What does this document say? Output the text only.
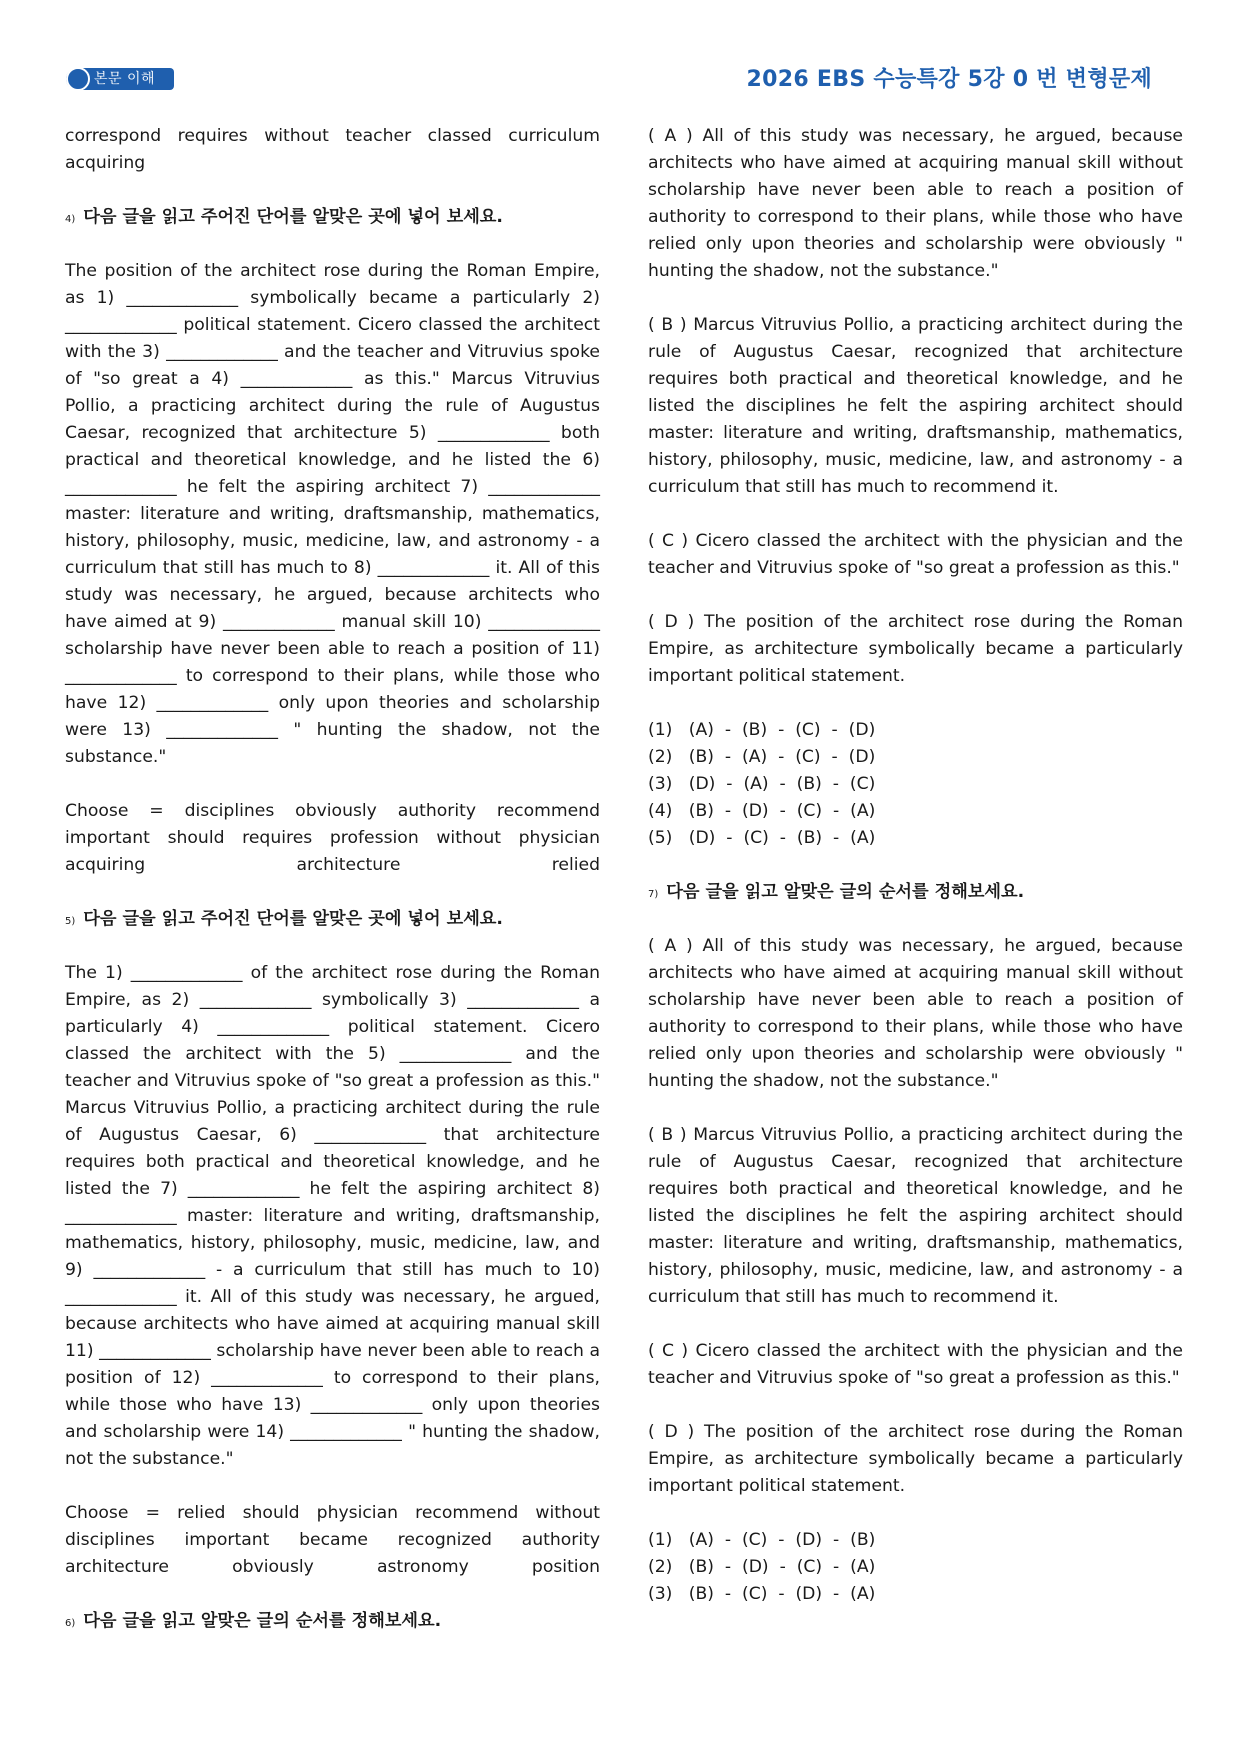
본문 이해	2026 EBS 수능특강 5강 0 번 변형문제

correspond requires without teacher classed curriculum acquiring

$^{4)}$ 다음 글을 읽고 주어진 단어를 알맞은 곳에 넣어 보세요.

The position of the architect rose during the Roman Empire, as 1) _____________ symbolically became a particularly 2) _____________ political statement. Cicero classed the architect with the 3) _____________ and the teacher and Vitruvius spoke of "so great a 4) _____________ as this." Marcus Vitruvius Pollio, a practicing architect during the rule of Augustus Caesar, recognized that architecture 5) _____________ both practical and theoretical knowledge, and he listed the 6) _____________ he felt the aspiring architect 7) _____________ master: literature and writing, draftsmanship, mathematics, history, philosophy, music, medicine, law, and astronomy - a curriculum that still has much to 8) _____________ it. All of this study was necessary, he argued, because architects who have aimed at 9) _____________ manual skill 10) _____________ scholarship have never been able to reach a position of 11) _____________ to correspond to their plans, while those who have 12) _____________ only upon theories and scholarship were 13) _____________ " hunting the shadow, not the substance."

Choose = disciplines obviously authority recommend important should requires profession without physician acquiring architecture relied

$^{5)}$ 다음 글을 읽고 주어진 단어를 알맞은 곳에 넣어 보세요.

The 1) _____________ of the architect rose during the Roman Empire, as 2) _____________ symbolically 3) _____________ a particularly 4) _____________ political statement. Cicero classed the architect with the 5) _____________ and the teacher and Vitruvius spoke of "so great a profession as this." Marcus Vitruvius Pollio, a practicing architect during the rule of Augustus Caesar, 6) _____________ that architecture requires both practical and theoretical knowledge, and he listed the 7) _____________ he felt the aspiring architect 8) _____________ master: literature and writing, draftsmanship, mathematics, history, philosophy, music, medicine, law, and 9) _____________ - a curriculum that still has much to 10) _____________ it. All of this study was necessary, he argued, because architects who have aimed at acquiring manual skill 11) _____________ scholarship have never been able to reach a position of 12) _____________ to correspond to their plans, while those who have 13) _____________ only upon theories and scholarship were 14) _____________ " hunting the shadow, not the substance."

Choose = relied should physician recommend without disciplines important became recognized authority architecture obviously astronomy position

$^{6)}$ 다음 글을 읽고 알맞은 글의 순서를 정해보세요.

( A ) All of this study was necessary, he argued, because architects who have aimed at acquiring manual skill without scholarship have never been able to reach a position of authority to correspond to their plans, while those who have relied only upon theories and scholarship were obviously " hunting the shadow, not the substance."

( B ) Marcus Vitruvius Pollio, a practicing architect during the rule of Augustus Caesar, recognized that architecture requires both practical and theoretical knowledge, and he listed the disciplines he felt the aspiring architect should master: literature and writing, draftsmanship, mathematics, history, philosophy, music, medicine, law, and astronomy - a curriculum that still has much to recommend it.

( C ) Cicero classed the architect with the physician and the teacher and Vitruvius spoke of "so great a profession as this."

( D ) The position of the architect rose during the Roman Empire, as architecture symbolically became a particularly important political statement.

(1)   (A)  -  (B)  -  (C)  -  (D)

(2)   (B)  -  (A)  -  (C)  -  (D)

(3)   (D)  -  (A)  -  (B)  -  (C)

(4)   (B)  -  (D)  -  (C)  -  (A)

(5)   (D)  -  (C)  -  (B)  -  (A)

$^{7)}$ 다음 글을 읽고 알맞은 글의 순서를 정해보세요.

( A ) All of this study was necessary, he argued, because architects who have aimed at acquiring manual skill without scholarship have never been able to reach a position of authority to correspond to their plans, while those who have relied only upon theories and scholarship were obviously " hunting the shadow, not the substance."

( B ) Marcus Vitruvius Pollio, a practicing architect during the rule of Augustus Caesar, recognized that architecture requires both practical and theoretical knowledge, and he listed the disciplines he felt the aspiring architect should master: literature and writing, draftsmanship, mathematics, history, philosophy, music, medicine, law, and astronomy - a curriculum that still has much to recommend it.

( C ) Cicero classed the architect with the physician and the teacher and Vitruvius spoke of "so great a profession as this."

( D ) The position of the architect rose during the Roman Empire, as architecture symbolically became a particularly important political statement.

(1)   (A)  -  (C)  -  (D)  -  (B)

(2)   (B)  -  (D)  -  (C)  -  (A)

(3)   (B)  -  (C)  -  (D)  -  (A)
